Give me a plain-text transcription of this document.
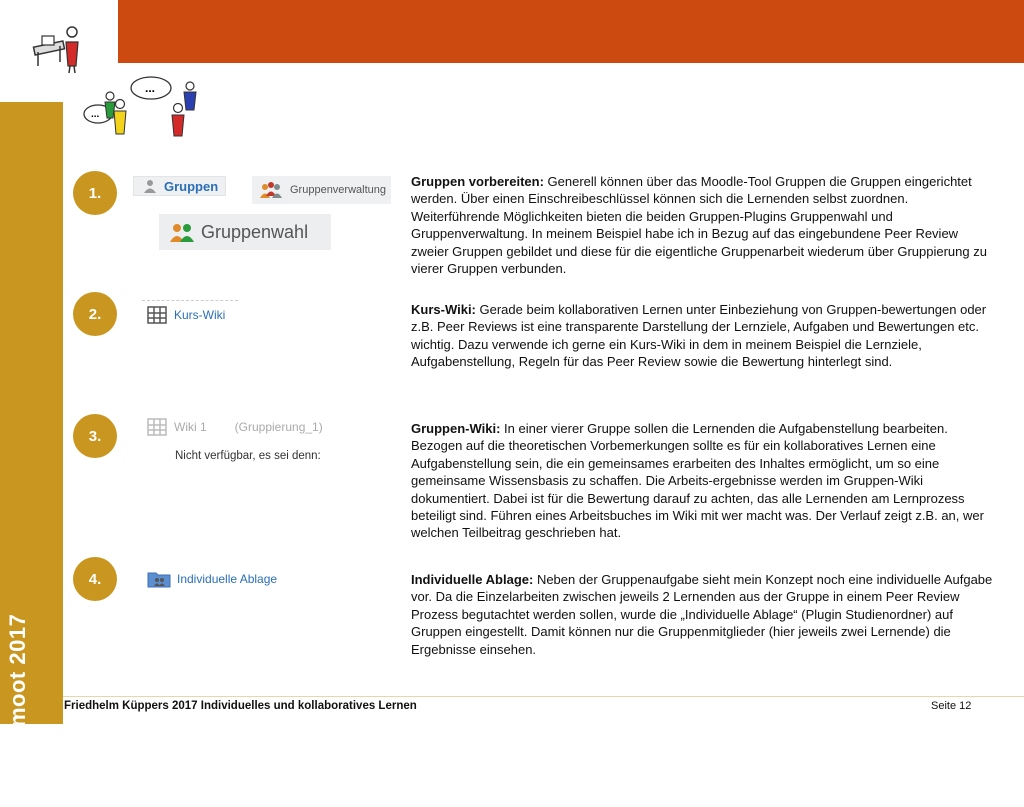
Moodlemoot 2017
...
...
1.	Gruppen	Gruppenverwaltung
Gruppenwahl
Gruppen vorbereiten: Generell können über das Moodle-Tool Gruppen die Gruppen eingerichtet werden. Über einen Einschreibeschlüssel können sich die Lernenden selbst zuordnen. Weiterführende Möglichkeiten bieten die beiden Gruppen-Plugins Gruppenwahl und Gruppenverwaltung. In meinem Beispiel habe ich in Bezug auf das eingebundene Peer Review zweier Gruppen gebildet und diese für die eigentliche Gruppenarbeit wiederum über Gruppierung zu vierer Gruppen verbunden.
2.	Kurs-Wiki	Kurs-Wiki: Gerade beim kollaborativen Lernen unter Einbeziehung von Gruppen-bewertungen oder z.B. Peer Reviews ist eine transparente Darstellung der Lernziele, Aufgaben und Bewertungen etc. wichtig. Dazu verwende ich gerne ein Kurs-Wiki in dem in meinem Beispiel die Lernziele, Aufgabenstellung, Regeln für das Peer Review sowie die Bewertung hinterlegt sind.
3.
Wiki 1 (Gruppierung_1)
Nicht verfügbar, es sei denn:
Gruppen-Wiki: In einer vierer Gruppe sollen die Lernenden die Aufgabenstellung bearbeiten. Bezogen auf die theoretischen Vorbemerkungen sollte es für ein kollaboratives Lernen eine Aufgabenstellung sein, die ein gemeinsames erarbeiten des Inhaltes ermöglicht, um so eine gemeinsame Wissensbasis zu schaffen. Die Arbeits-ergebnisse werden im Gruppen-Wiki dokumentiert. Dabei ist für die Bewertung darauf zu achten, das alle Lernenden am Lernprozess beteiligt sind. Führen eines Arbeitsbuches im Wiki mit wer macht was. Der Verlauf zeigt z.B. an, wer welchen Teilbeitrag geschrieben hat.
4.	Individuelle Ablage	Individuelle Ablage: Neben der Gruppenaufgabe sieht mein Konzept noch eine individuelle Aufgabe vor. Da die Einzelarbeiten zwischen jeweils 2 Lernenden aus der Gruppe in einem Peer Review Prozess begutachtet werden sollen, wurde die „Individuelle Ablage“ (Plugin Studienordner) auf Gruppen eingestellt. Damit können nur die Gruppenmitglieder (hier jeweils zwei Lernende) die Ergebnisse einsehen.
Friedhelm Küppers 2017 Individuelles und kollaboratives Lernen	Seite 12
